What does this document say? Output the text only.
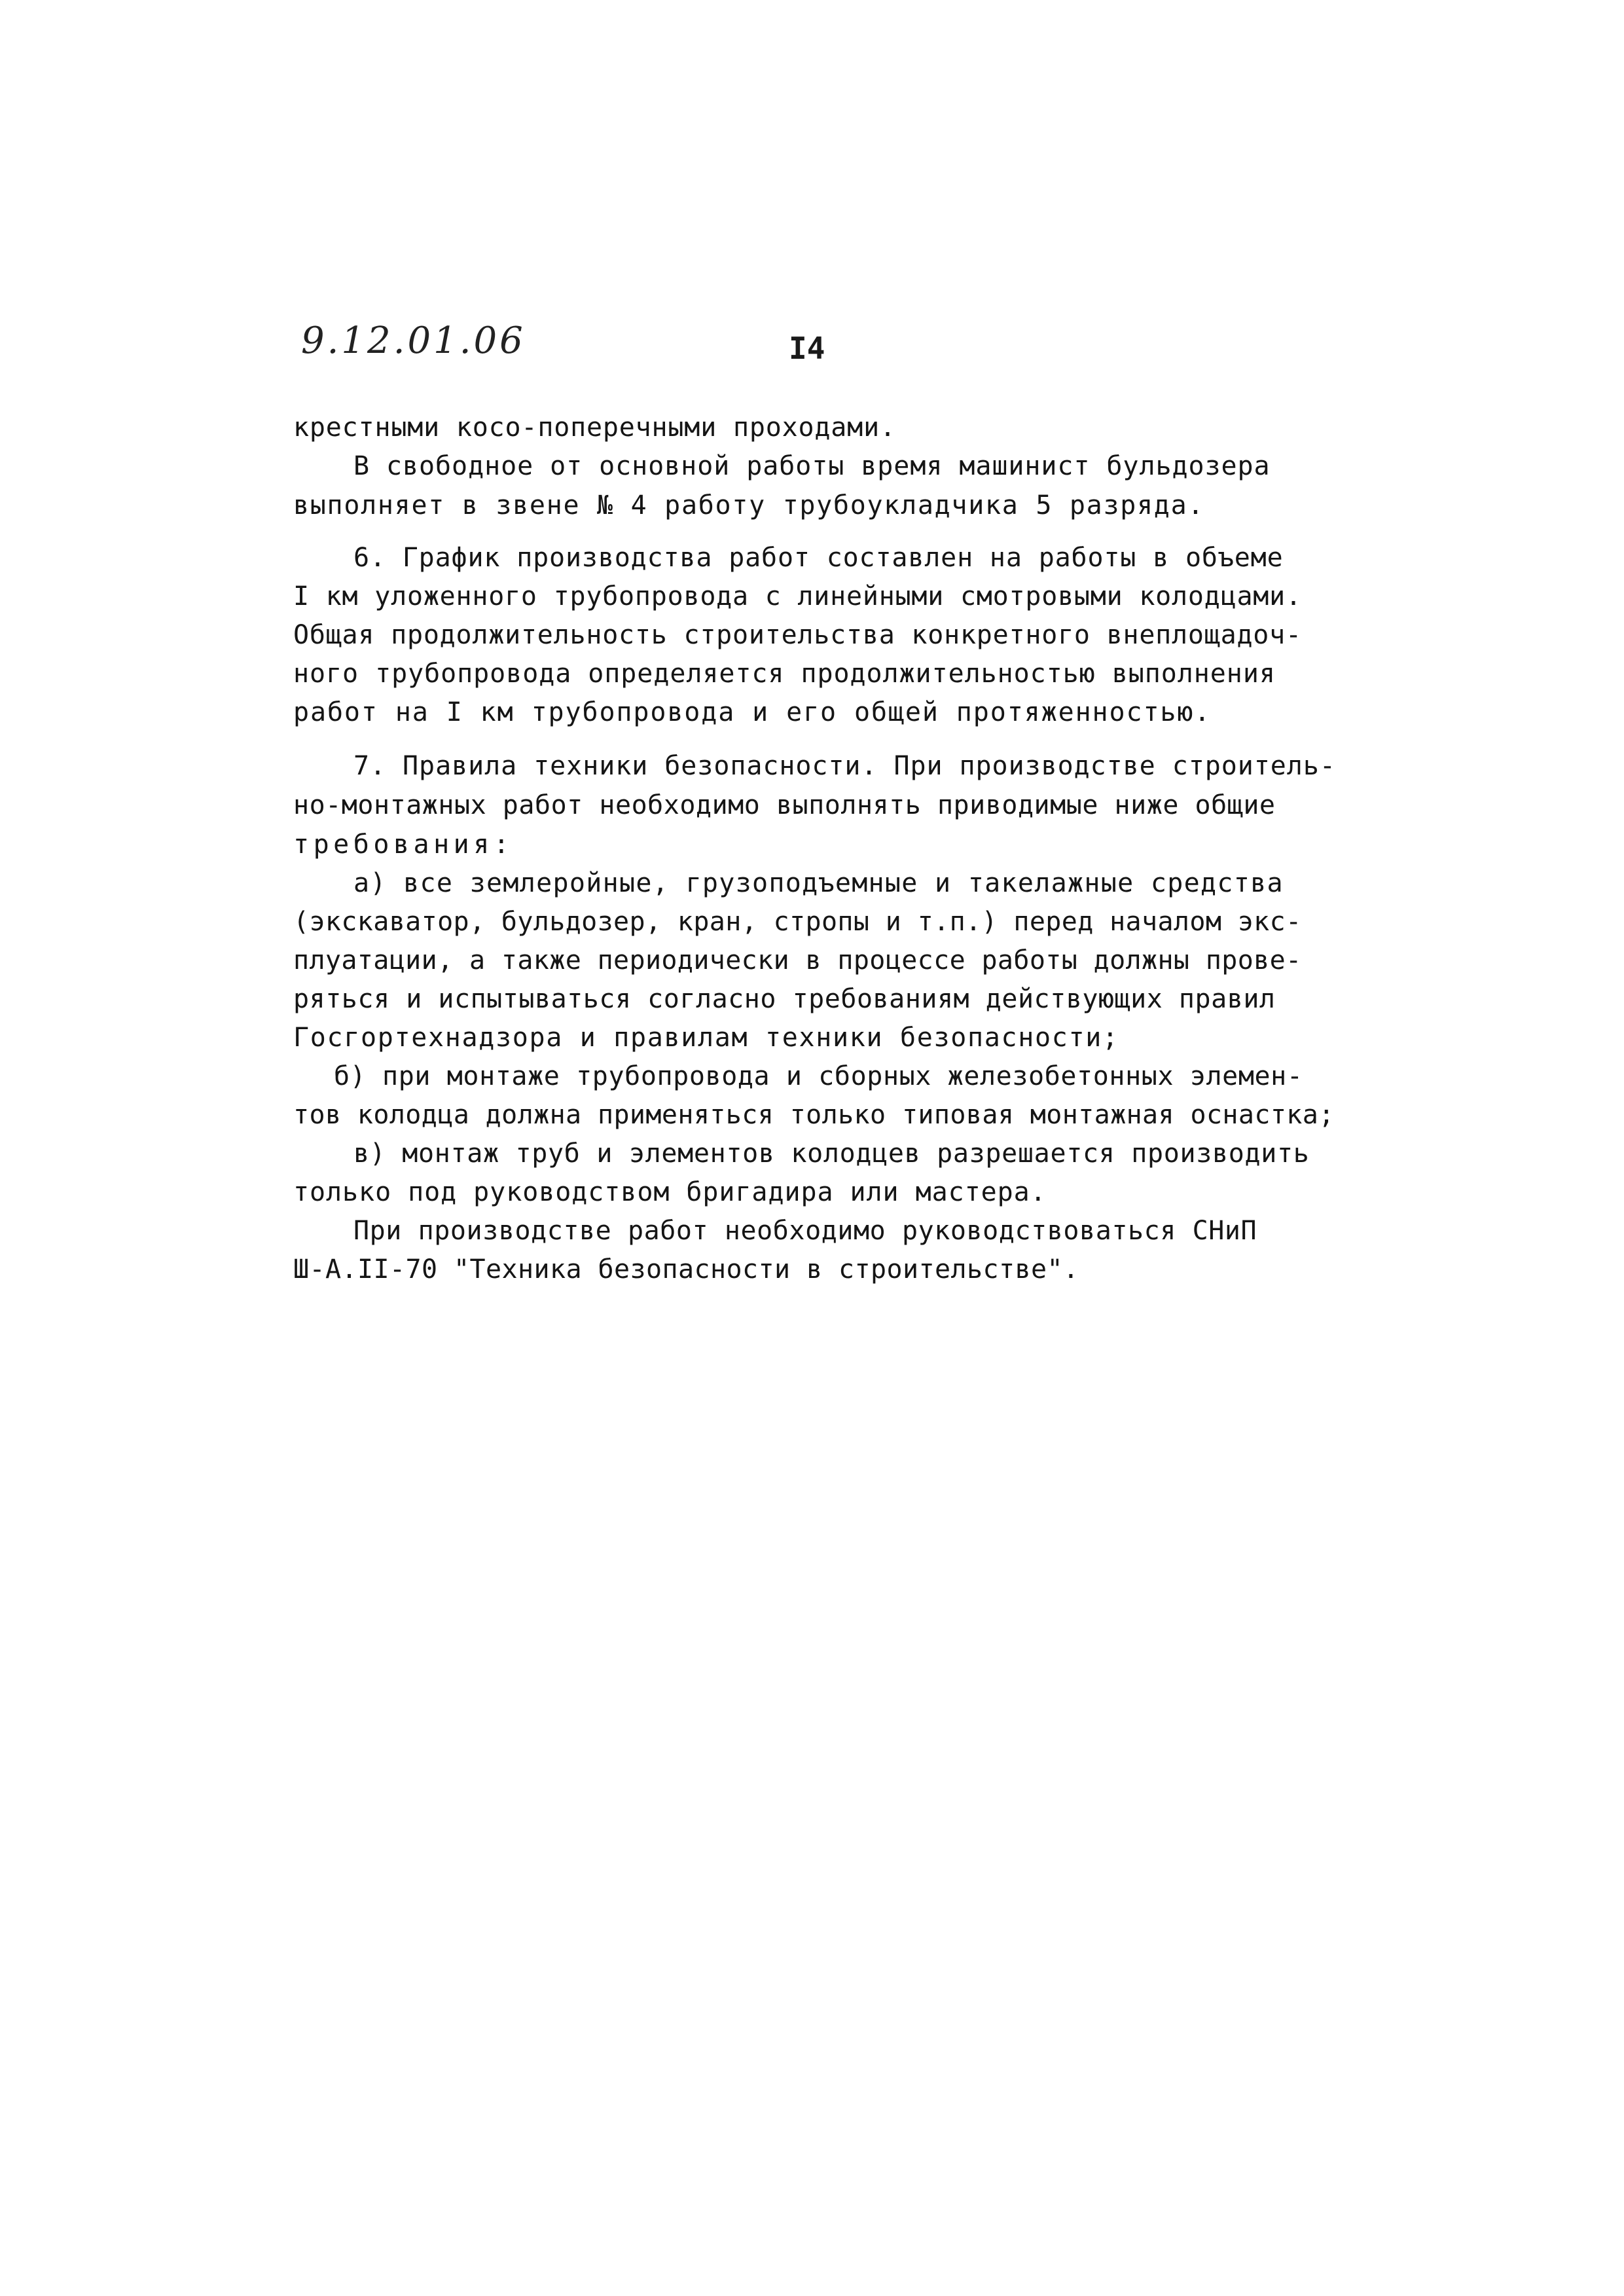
9.12.01.06	I4
крестными косо-поперечными проходами.
В свободное от основной работы время машинист бульдозера
выполняет в звене № 4 работу трубоукладчика 5 разряда.
6. График производства работ составлен на работы в объеме
I км уложенного трубопровода с линейными смотровыми колодцами.
Общая продолжительность строительства конкретного внеплощадоч-
ного трубопровода определяется продолжительностью выполнения
работ на I км трубопровода и его общей протяженностью.
7. Правила техники безопасности. При производстве строитель-
но-монтажных работ необходимо выполнять приводимые ниже общие
требования:
а) все землеройные, грузоподъемные и такелажные средства
(экскаватор, бульдозер, кран, стропы и т.п.) перед началом экс-
плуатации, а также периодически в процессе работы должны прове-
ряться и испытываться согласно требованиям действующих правил
Госгортехнадзора и правилам техники безопасности;
б) при монтаже трубопровода и сборных железобетонных элемен-
тов колодца должна применяться только типовая монтажная оснастка;
в) монтаж труб и элементов колодцев разрешается производить
только под руководством бригадира или мастера.
При производстве работ необходимо руководствоваться СНиП
Ш-А.II-70 "Техника безопасности в строительстве".
